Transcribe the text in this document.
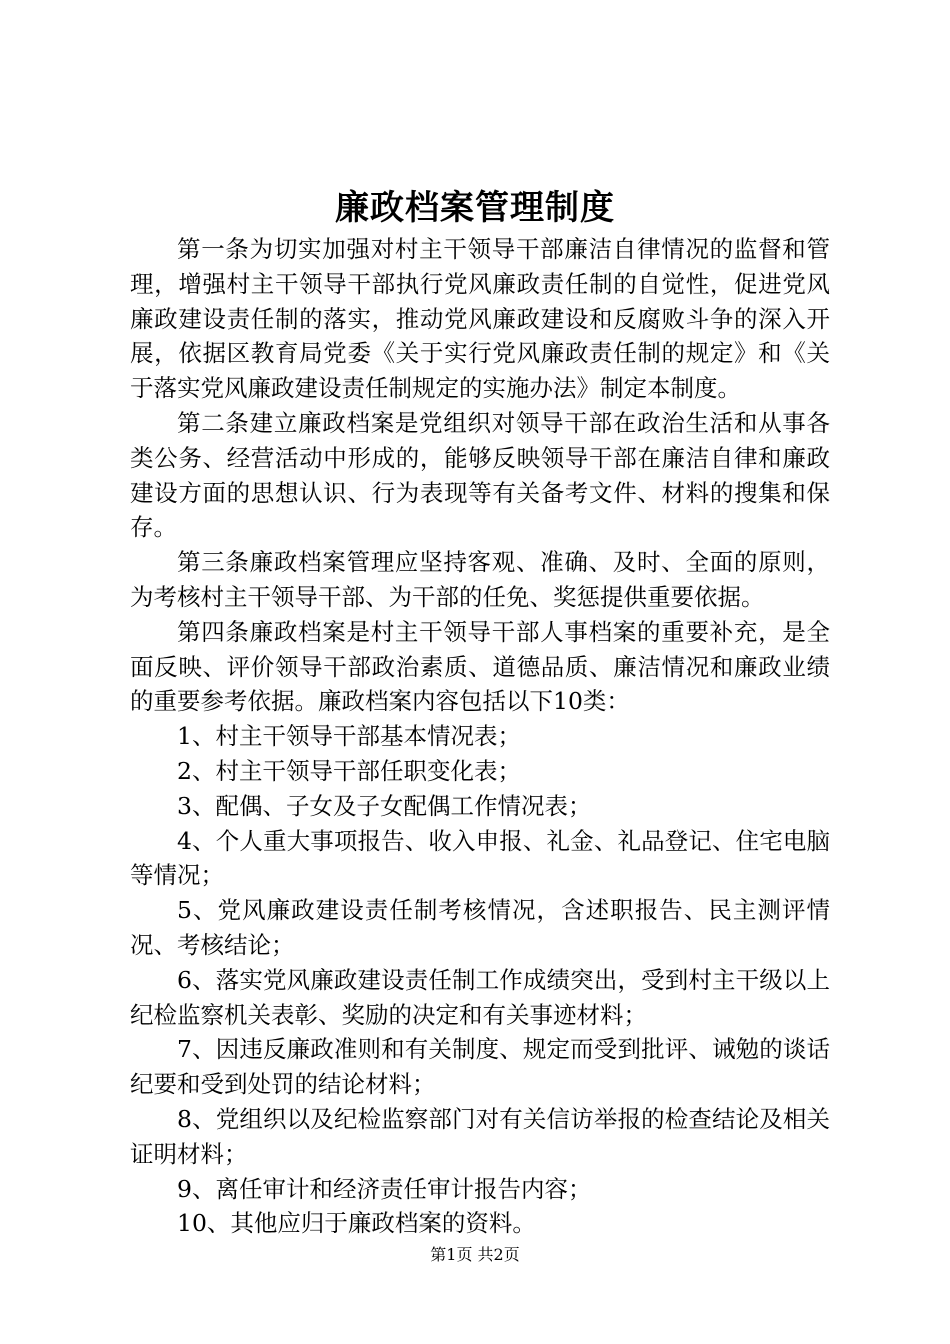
廉政档案管理制度

第一条为切实加强对村主干领导干部廉洁自律情况的监督和管理，增强村主干领导干部执行党风廉政责任制的自觉性，促进党风廉政建设责任制的落实，推动党风廉政建设和反腐败斗争的深入开展，依据区教育局党委《关于实行党风廉政责任制的规定》和《关于落实党风廉政建设责任制规定的实施办法》制定本制度。

第二条建立廉政档案是党组织对领导干部在政治生活和从事各类公务、经营活动中形成的，能够反映领导干部在廉洁自律和廉政建设方面的思想认识、行为表现等有关备考文件、材料的搜集和保存。

第三条廉政档案管理应坚持客观、准确、及时、全面的原则，为考核村主干领导干部、为干部的任免、奖惩提供重要依据。

第四条廉政档案是村主干领导干部人事档案的重要补充，是全面反映、评价领导干部政治素质、道德品质、廉洁情况和廉政业绩的重要参考依据。廉政档案内容包括以下10类：

1、村主干领导干部基本情况表；

2、村主干领导干部任职变化表；

3、配偶、子女及子女配偶工作情况表；

4、个人重大事项报告、收入申报、礼金、礼品登记、住宅电脑等情况；

5、党风廉政建设责任制考核情况，含述职报告、民主测评情况、考核结论；

6、落实党风廉政建设责任制工作成绩突出，受到村主干级以上纪检监察机关表彰、奖励的决定和有关事迹材料；

7、因违反廉政准则和有关制度、规定而受到批评、诫勉的谈话纪要和受到处罚的结论材料；

8、党组织以及纪检监察部门对有关信访举报的检查结论及相关证明材料；

9、离任审计和经济责任审计报告内容；

10、其他应归于廉政档案的资料。

第1页 共2页
